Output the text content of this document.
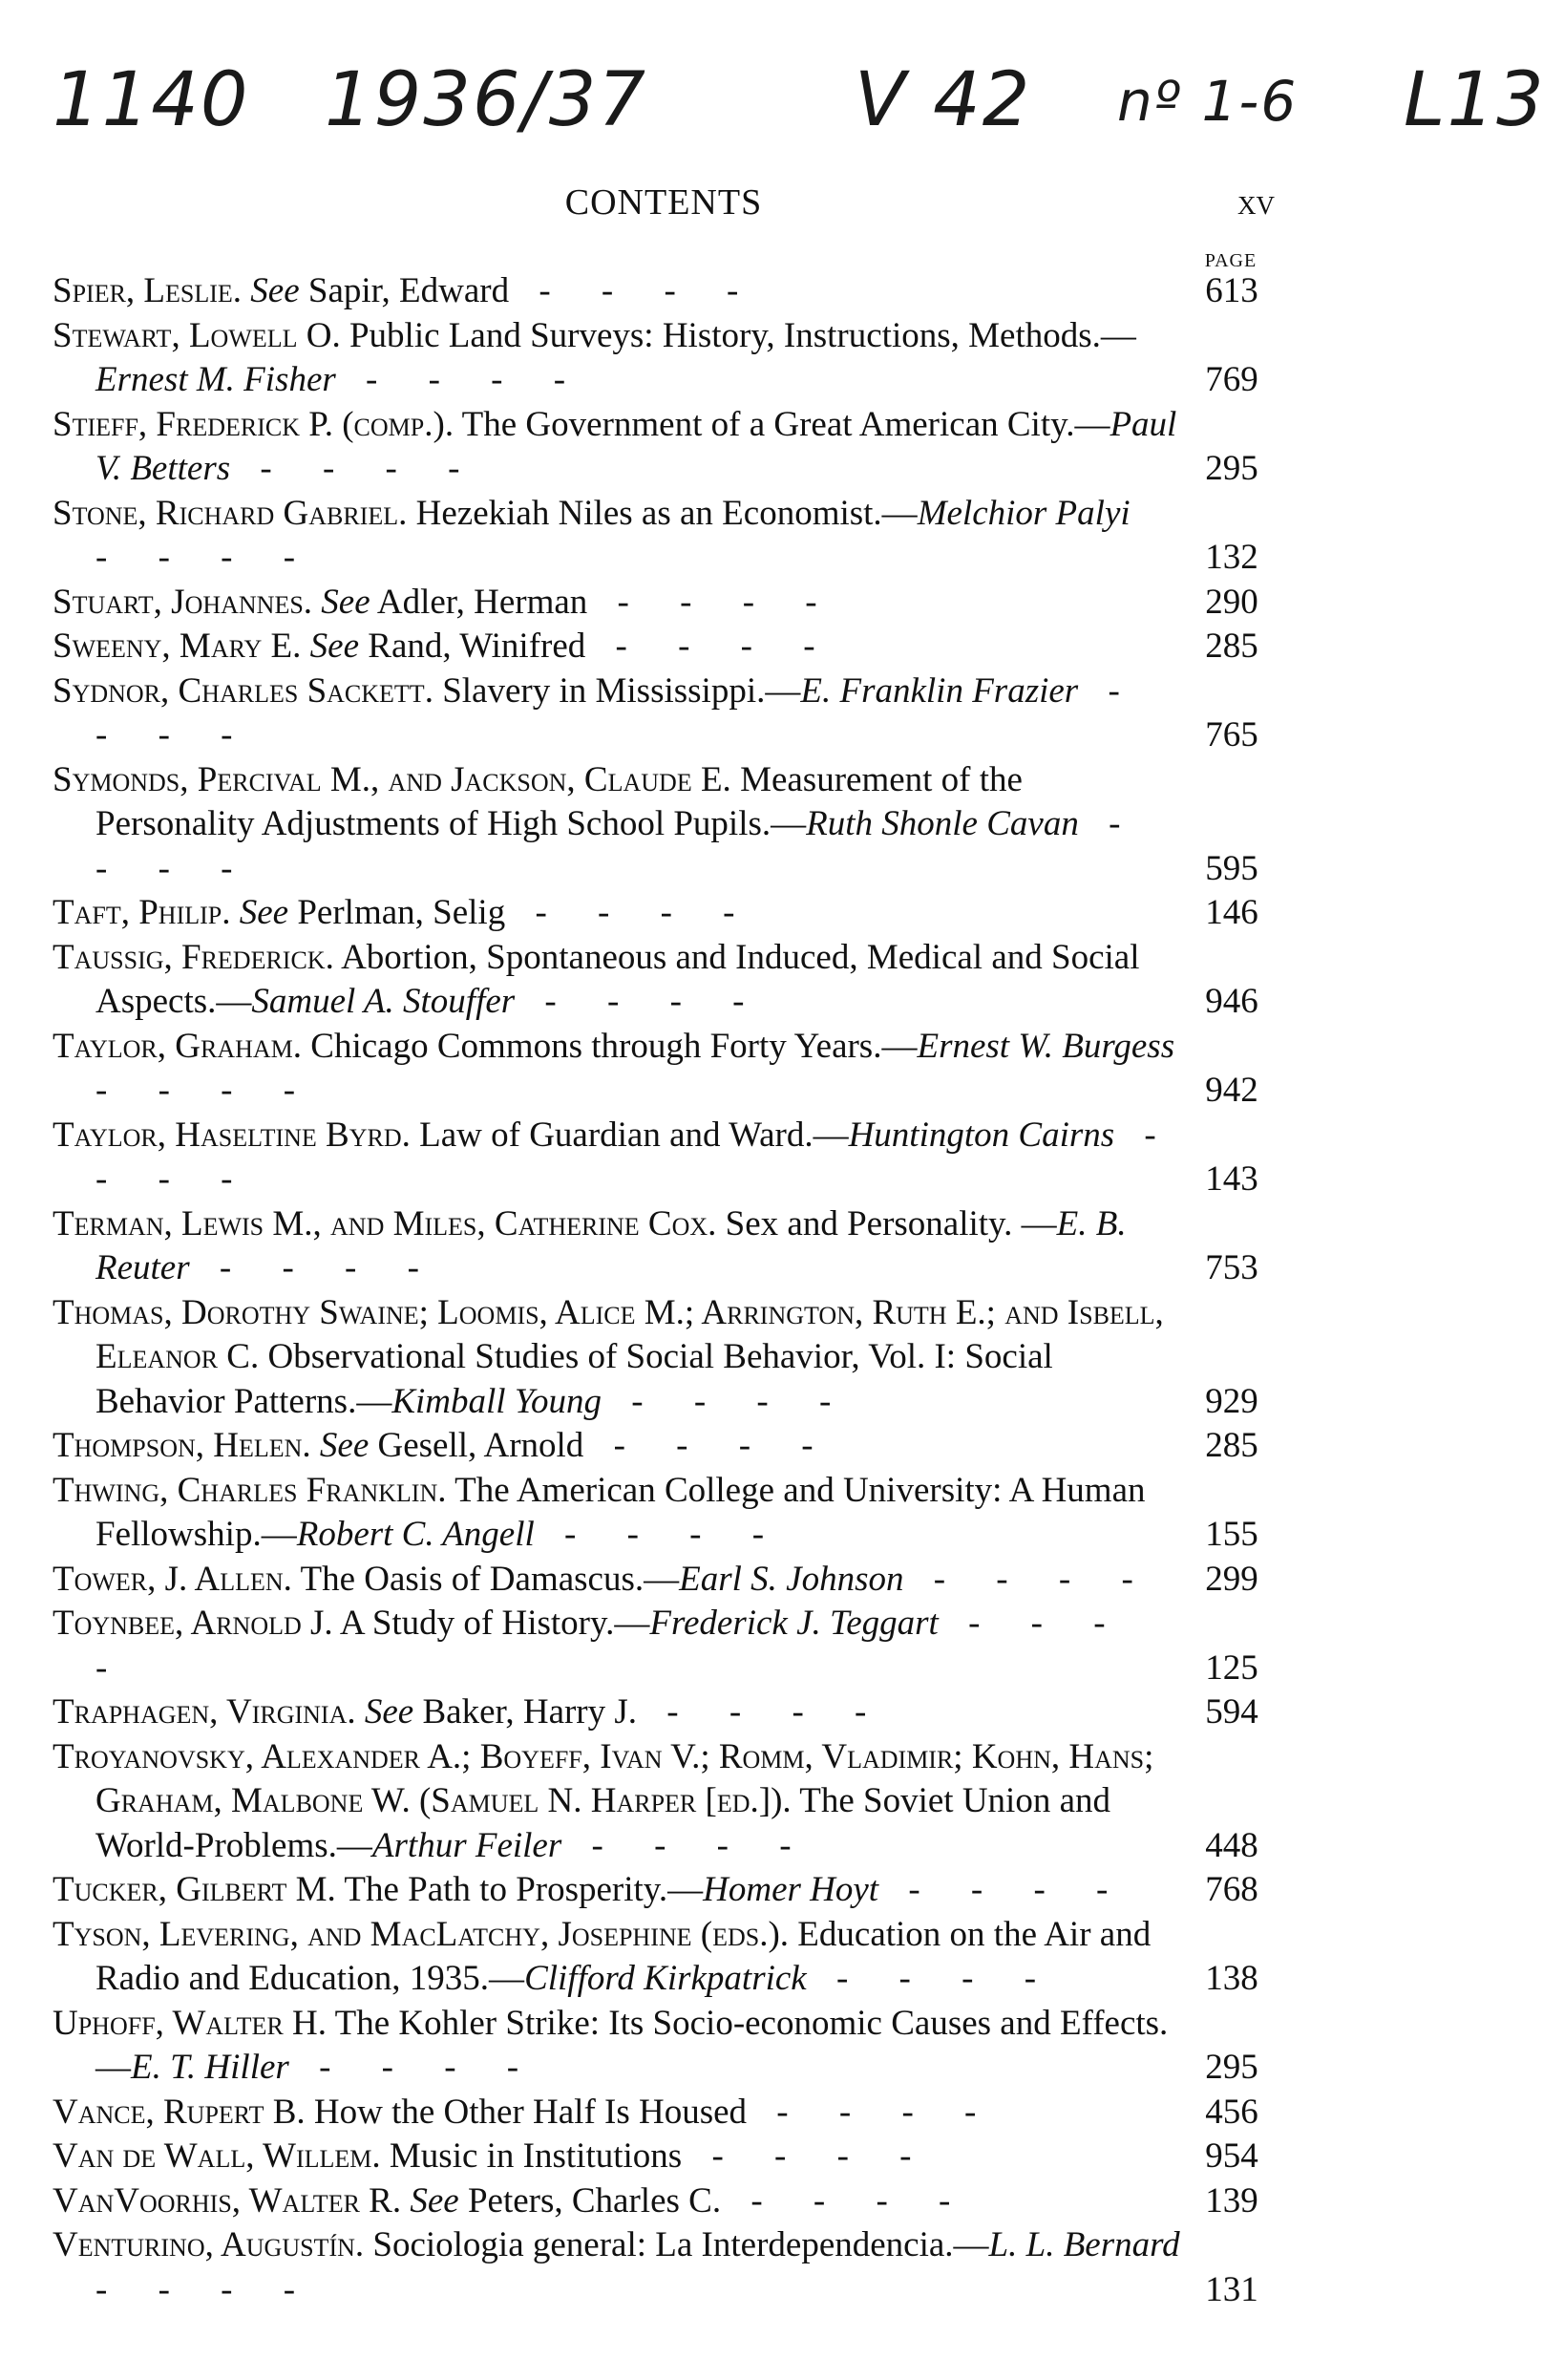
1140 1936/37	V 42 nº 1-6 L13
CONTENTS	xv
PAGE
Spier, Leslie. See Sapir, Edward - - - -	613
Stewart, Lowell O. Public Land Surveys: History, Instructions, Methods.—Ernest M. Fisher - - - -	769
Stieff, Frederick P. (comp.). The Government of a Great American City.—Paul V. Betters - - - -	295
Stone, Richard Gabriel. Hezekiah Niles as an Economist.—Melchior Palyi - - - -	132
Stuart, Johannes. See Adler, Herman - - - -	290
Sweeny, Mary E. See Rand, Winifred - - - -	285
Sydnor, Charles Sackett. Slavery in Mississippi.—E. Franklin Frazier - - - -	765
Symonds, Percival M., and Jackson, Claude E. Measurement of the Personality Adjustments of High School Pupils.—Ruth Shonle Cavan - - - -	595
Taft, Philip. See Perlman, Selig - - - -	146
Taussig, Frederick. Abortion, Spontaneous and Induced, Medical and Social Aspects.—Samuel A. Stouffer - - - -	946
Taylor, Graham. Chicago Commons through Forty Years.—Ernest W. Burgess - - - -	942
Taylor, Haseltine Byrd. Law of Guardian and Ward.—Huntington Cairns - - - -	143
Terman, Lewis M., and Miles, Catherine Cox. Sex and Personality. —E. B. Reuter - - - -	753
Thomas, Dorothy Swaine; Loomis, Alice M.; Arrington, Ruth E.; and Isbell, Eleanor C. Observational Studies of Social Behavior, Vol. I: Social Behavior Patterns.—Kimball Young - - - -	929
Thompson, Helen. See Gesell, Arnold - - - -	285
Thwing, Charles Franklin. The American College and University: A Human Fellowship.—Robert C. Angell - - - -	155
Tower, J. Allen. The Oasis of Damascus.—Earl S. Johnson - - - -	299
Toynbee, Arnold J. A Study of History.—Frederick J. Teggart - - - -	125
Traphagen, Virginia. See Baker, Harry J. - - - -	594
Troyanovsky, Alexander A.; Boyeff, Ivan V.; Romm, Vladimir; Kohn, Hans; Graham, Malbone W. (Samuel N. Harper [ed.]). The Soviet Union and World-Problems.—Arthur Feiler - - - -	448
Tucker, Gilbert M. The Path to Prosperity.—Homer Hoyt - - - -	768
Tyson, Levering, and MacLatchy, Josephine (eds.). Education on the Air and Radio and Education, 1935.—Clifford Kirkpatrick - - - -	138
Uphoff, Walter H. The Kohler Strike: Its Socio-economic Causes and Effects.—E. T. Hiller - - - -	295
Vance, Rupert B. How the Other Half Is Housed - - - -	456
Van de Wall, Willem. Music in Institutions - - - -	954
VanVoorhis, Walter R. See Peters, Charles C. - - - -	139
Venturino, Augustín. Sociologia general: La Interdependencia.—L. L. Bernard - - - -	131
